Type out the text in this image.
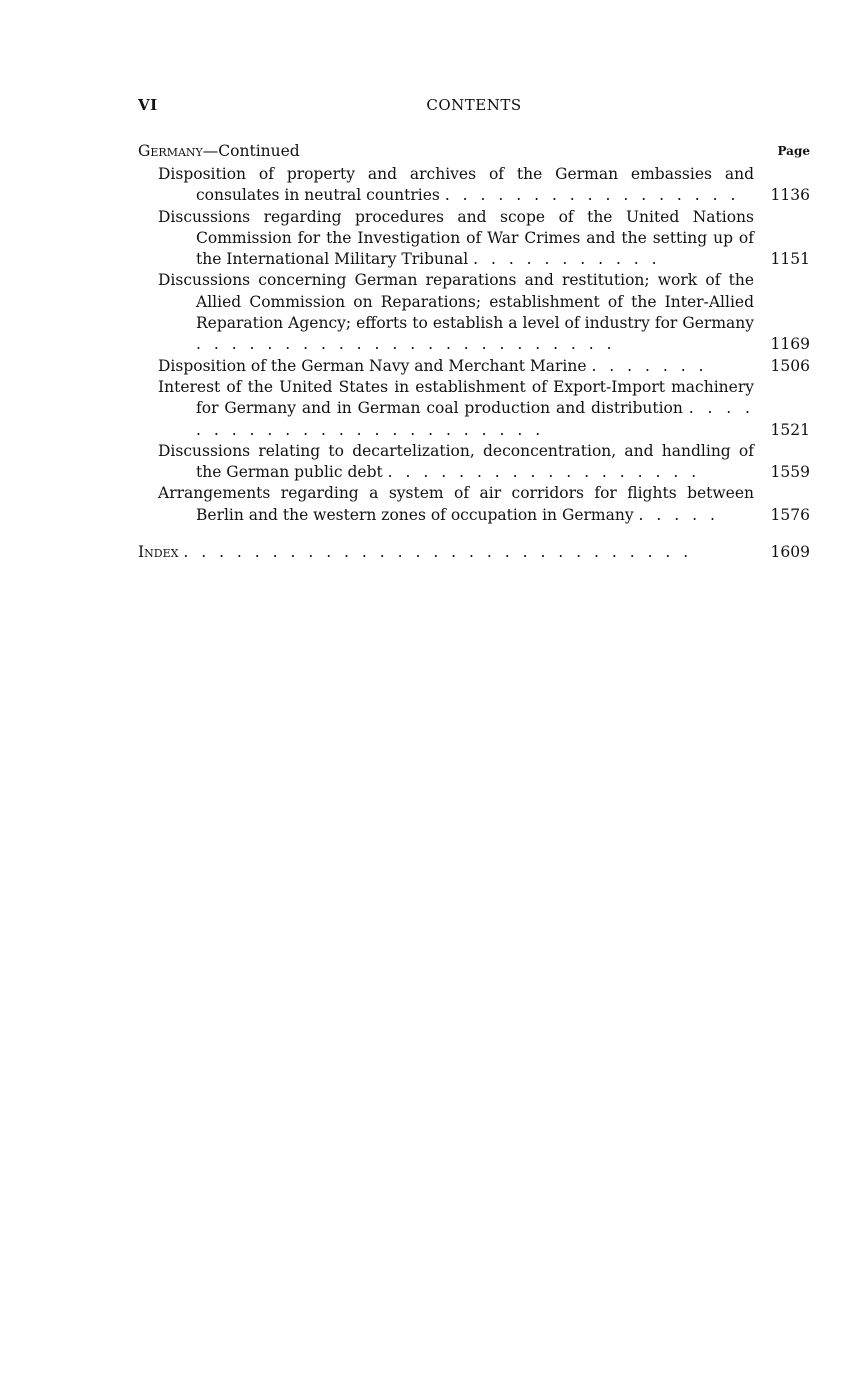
VI	CONTENTS
Germany—Continued	Page
Disposition of property and archives of the German embassies and consulates in neutral countries . . . . . . . . . . . . . . . . . 1136
Discussions regarding procedures and scope of the United Nations Commission for the Investigation of War Crimes and the setting up of the International Military Tribunal . . . . . . . . . . .	1151
Discussions concerning German reparations and restitution; work of the Allied Commission on Reparations; establishment of the Inter-Allied Reparation Agency; efforts to establish a level of industry for Germany . . . . . . . . . . . . . . . . . . . . . . . .	1169
Disposition of the German Navy and Merchant Marine . . . . . . .	1506
Interest of the United States in establishment of Export-Import machinery for Germany and in German coal production and distribution . . . . . . . . . . . . . . . . . . . . . . . .	1521
Discussions relating to decartelization, deconcentration, and handling of the German public debt . . . . . . . . . . . . . . . . . .	1559
Arrangements regarding a system of air corridors for flights between Berlin and the western zones of occupation in Germany . . . . .	1576
Index . . . . . . . . . . . . . . . . . . . . . . . . . . . . .	1609
